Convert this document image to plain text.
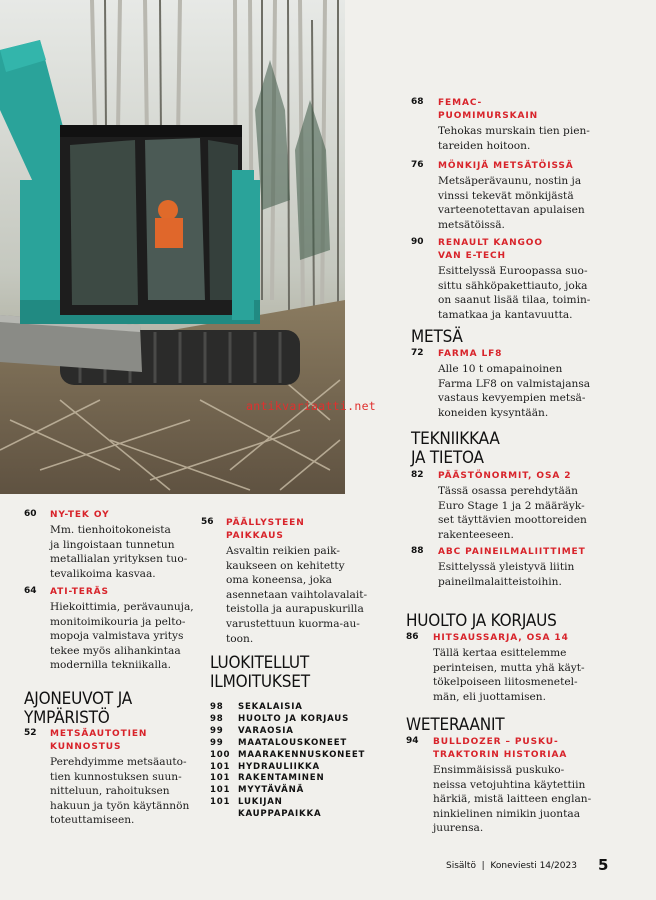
antikvariaatti.net
68 FEMAC-
PUOMIMURSKAIN
Tehokas murskain tien pien-
tareiden hoitoon.
76 MÖNKIJÄ METSÄTÖISSÄ
Metsäperävaunu, nostin ja
vinssi tekevät mönkijästä
varteenotettavan apulaisen
metsätöissä.
90 RENAULT KANGOO
VAN E-TECH
Esittelyssä Euroopassa suo-
sittu sähköpakettiauto, joka
on saanut lisää tilaa, toimin-
tamatkaa ja kantavuutta.
METSÄ
72 FARMA LF8
Alle 10 t omapainoinen
Farma LF8 on valmistajansa
vastaus kevyempien metsä-
koneiden kysyntään.
TEKNIIKKAA
JA TIETOA
82 PÄÄSTÖNORMIT, OSA 2
Tässä osassa perehdytään
Euro Stage 1 ja 2 määräyk-
set täyttävien moottoreiden
rakenteeseen.
88 ABC PAINEILMALIITTIMET
Esittelyssä yleistyvä liitin
paineilmalaitteistoihin.
HUOLTO JA KORJAUS
86 HITSAUSSARJA, OSA 14
Tällä kertaa esittelemme
perinteisen, mutta yhä käyt-
tökelpoiseen liitosmenetel-
män, eli juottamisen.
WETERAANIT
94 BULLDOZER – PUSKU-
TRAKTORIN HISTORIAA
Ensimmäisissä puskuko-
neissa vetojuhtina käytettiin
härkiä, mistä laitteen englan-
ninkielinen nimikin juontaa
juurensa.
60 NY-TEK OY
Mm. tienhoitokoneista
ja lingoistaan tunnetun
metallialan yrityksen tuo-
tevalikoima kasvaa.
64 ATI-TERÄS
Hiekoittimia, perävaunuja,
monitoimikouria ja pelto-
mopoja valmistava yritys
tekee myös alihankintaa
modernilla tekniikalla.
AJONEUVOT JA
YMPÄRISTÖ
52 METSÄAUTOTIEN
KUNNOSTUS
Perehdyimme metsäauto-
tien kunnostuksen suun-
nitteluun, rahoituksen
hakuun ja työn käytännön
toteuttamiseen.
56 PÄÄLLYSTEEN
PAIKKAUS
Asvaltin reikien paik-
kaukseen on kehitetty
oma koneensa, joka
asennetaan vaihtolavalait-
teistolla ja aurapuskurilla
varustettuun kuorma-au-
toon.
LUOKITELLUT
ILMOITUKSET
98	SEKALAISIA
98	HUOLTO JA KORJAUS
99	VARAOSIA
99	MAATALOUSKONEET
100 MAARAKENNUSKONEET
101 HYDRAULIIKKA
101 RAKENTAMINEN
101 MYYTÄVÄNÄ
101 LUKIJAN
KAUPPAPAIKKA
Sisältö  |  Koneviesti 14/2023 5
